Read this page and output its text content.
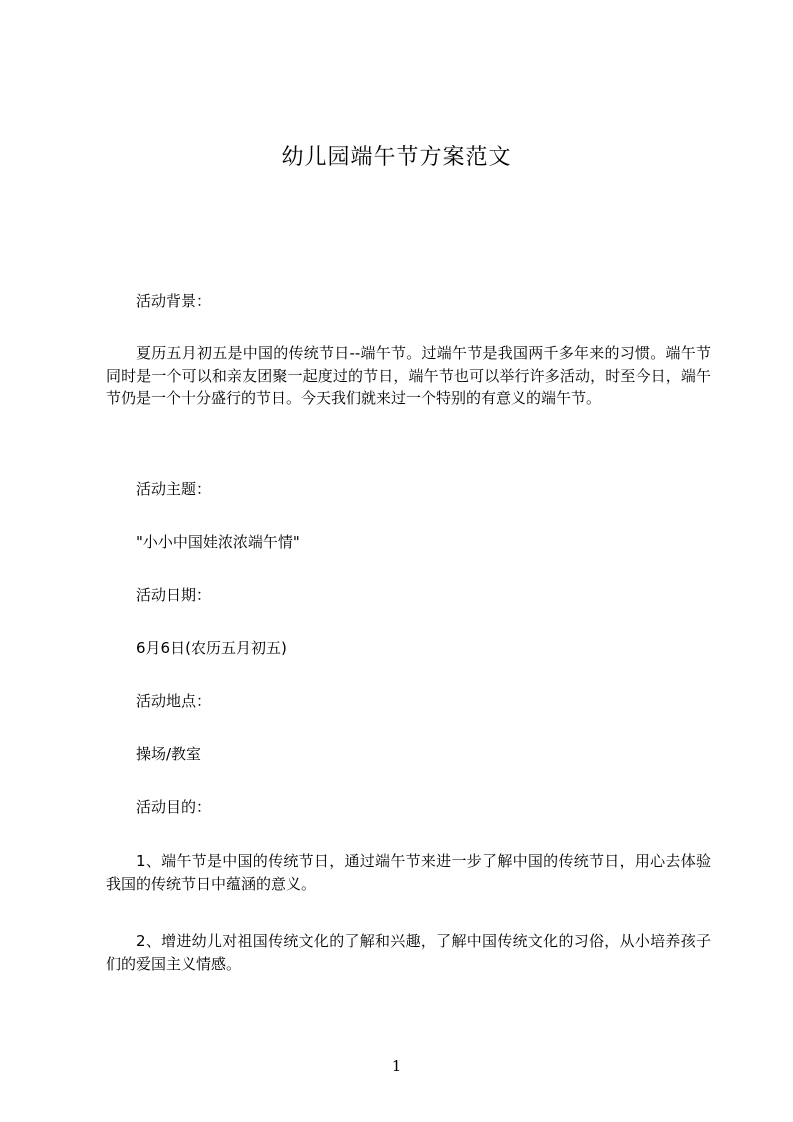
幼儿园端午节方案范文
活动背景：
夏历五月初五是中国的传统节日--端午节。过端午节是我国两千多年来的习惯。端午节同时是一个可以和亲友团聚一起度过的节日，端午节也可以举行许多活动，时至今日，端午节仍是一个十分盛行的节日。今天我们就来过一个特别的有意义的端午节。
活动主题：
"小小中国娃浓浓端午情"
活动日期：
6月6日(农历五月初五)
活动地点：
操场/教室
活动目的：
1、端午节是中国的传统节日，通过端午节来进一步了解中国的传统节日，用心去体验我国的传统节日中蕴涵的意义。
2、增进幼儿对祖国传统文化的了解和兴趣，了解中国传统文化的习俗，从小培养孩子们的爱国主义情感。
1
